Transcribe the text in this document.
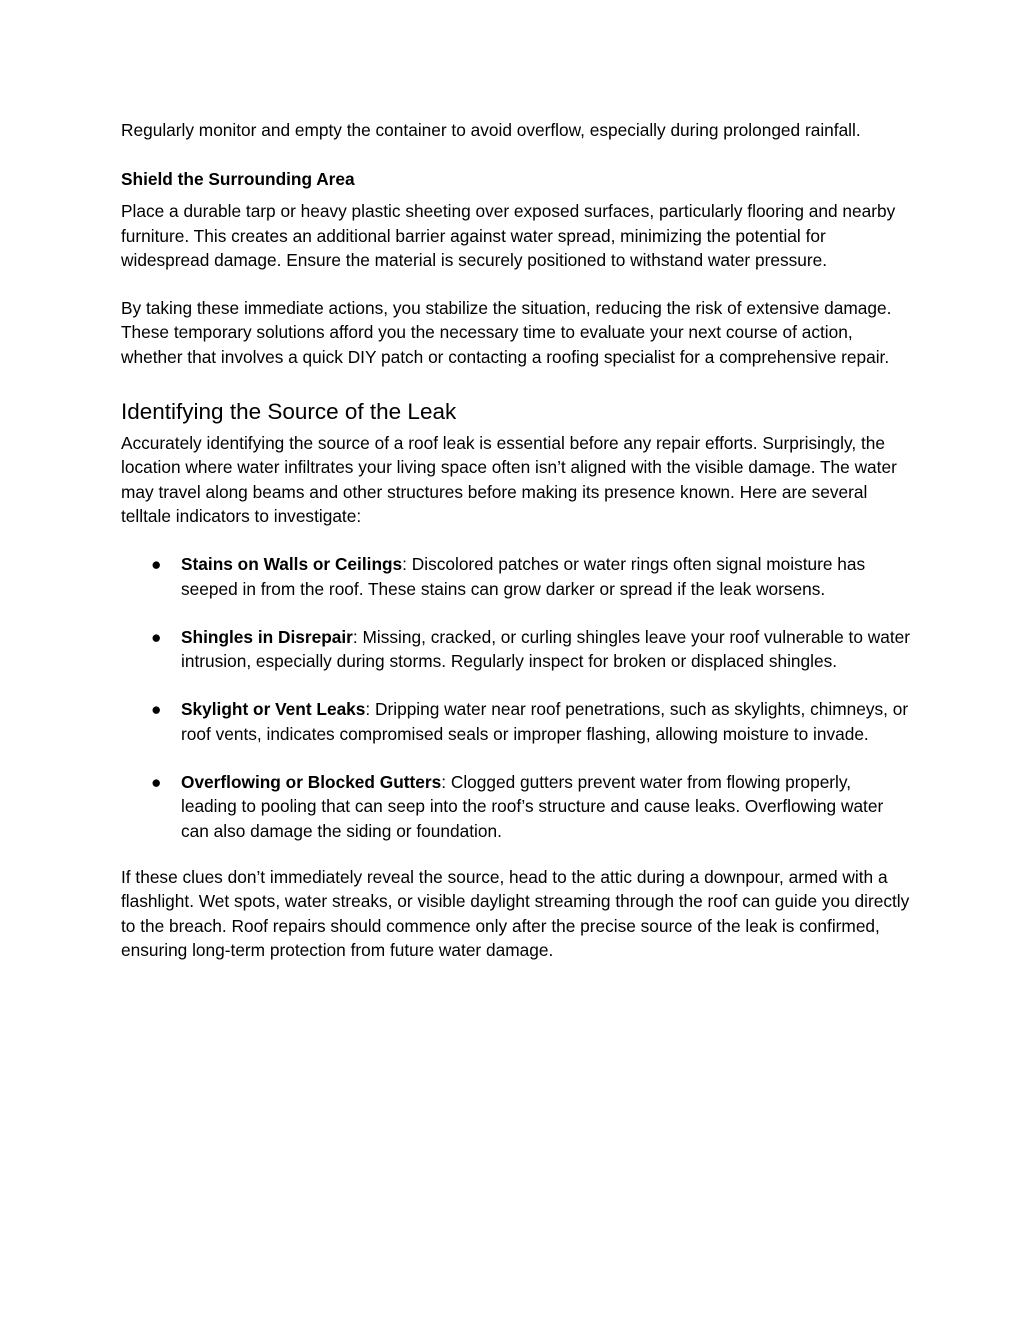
Regularly monitor and empty the container to avoid overflow, especially during prolonged rainfall.

Shield the Surrounding Area

Place a durable tarp or heavy plastic sheeting over exposed surfaces, particularly flooring and nearby furniture. This creates an additional barrier against water spread, minimizing the potential for widespread damage. Ensure the material is securely positioned to withstand water pressure.

By taking these immediate actions, you stabilize the situation, reducing the risk of extensive damage. These temporary solutions afford you the necessary time to evaluate your next course of action, whether that involves a quick DIY patch or contacting a roofing specialist for a comprehensive repair.

Identifying the Source of the Leak

Accurately identifying the source of a roof leak is essential before any repair efforts. Surprisingly, the location where water infiltrates your living space often isn’t aligned with the visible damage. The water may travel along beams and other structures before making its presence known. Here are several telltale indicators to investigate:

● Stains on Walls or Ceilings: Discolored patches or water rings often signal moisture has seeped in from the roof. These stains can grow darker or spread if the leak worsens.
● Shingles in Disrepair: Missing, cracked, or curling shingles leave your roof vulnerable to water intrusion, especially during storms. Regularly inspect for broken or displaced shingles.
● Skylight or Vent Leaks: Dripping water near roof penetrations, such as skylights, chimneys, or roof vents, indicates compromised seals or improper flashing, allowing moisture to invade.
● Overflowing or Blocked Gutters: Clogged gutters prevent water from flowing properly, leading to pooling that can seep into the roof’s structure and cause leaks. Overflowing water can also damage the siding or foundation.

If these clues don’t immediately reveal the source, head to the attic during a downpour, armed with a flashlight. Wet spots, water streaks, or visible daylight streaming through the roof can guide you directly to the breach. Roof repairs should commence only after the precise source of the leak is confirmed, ensuring long-term protection from future water damage.
